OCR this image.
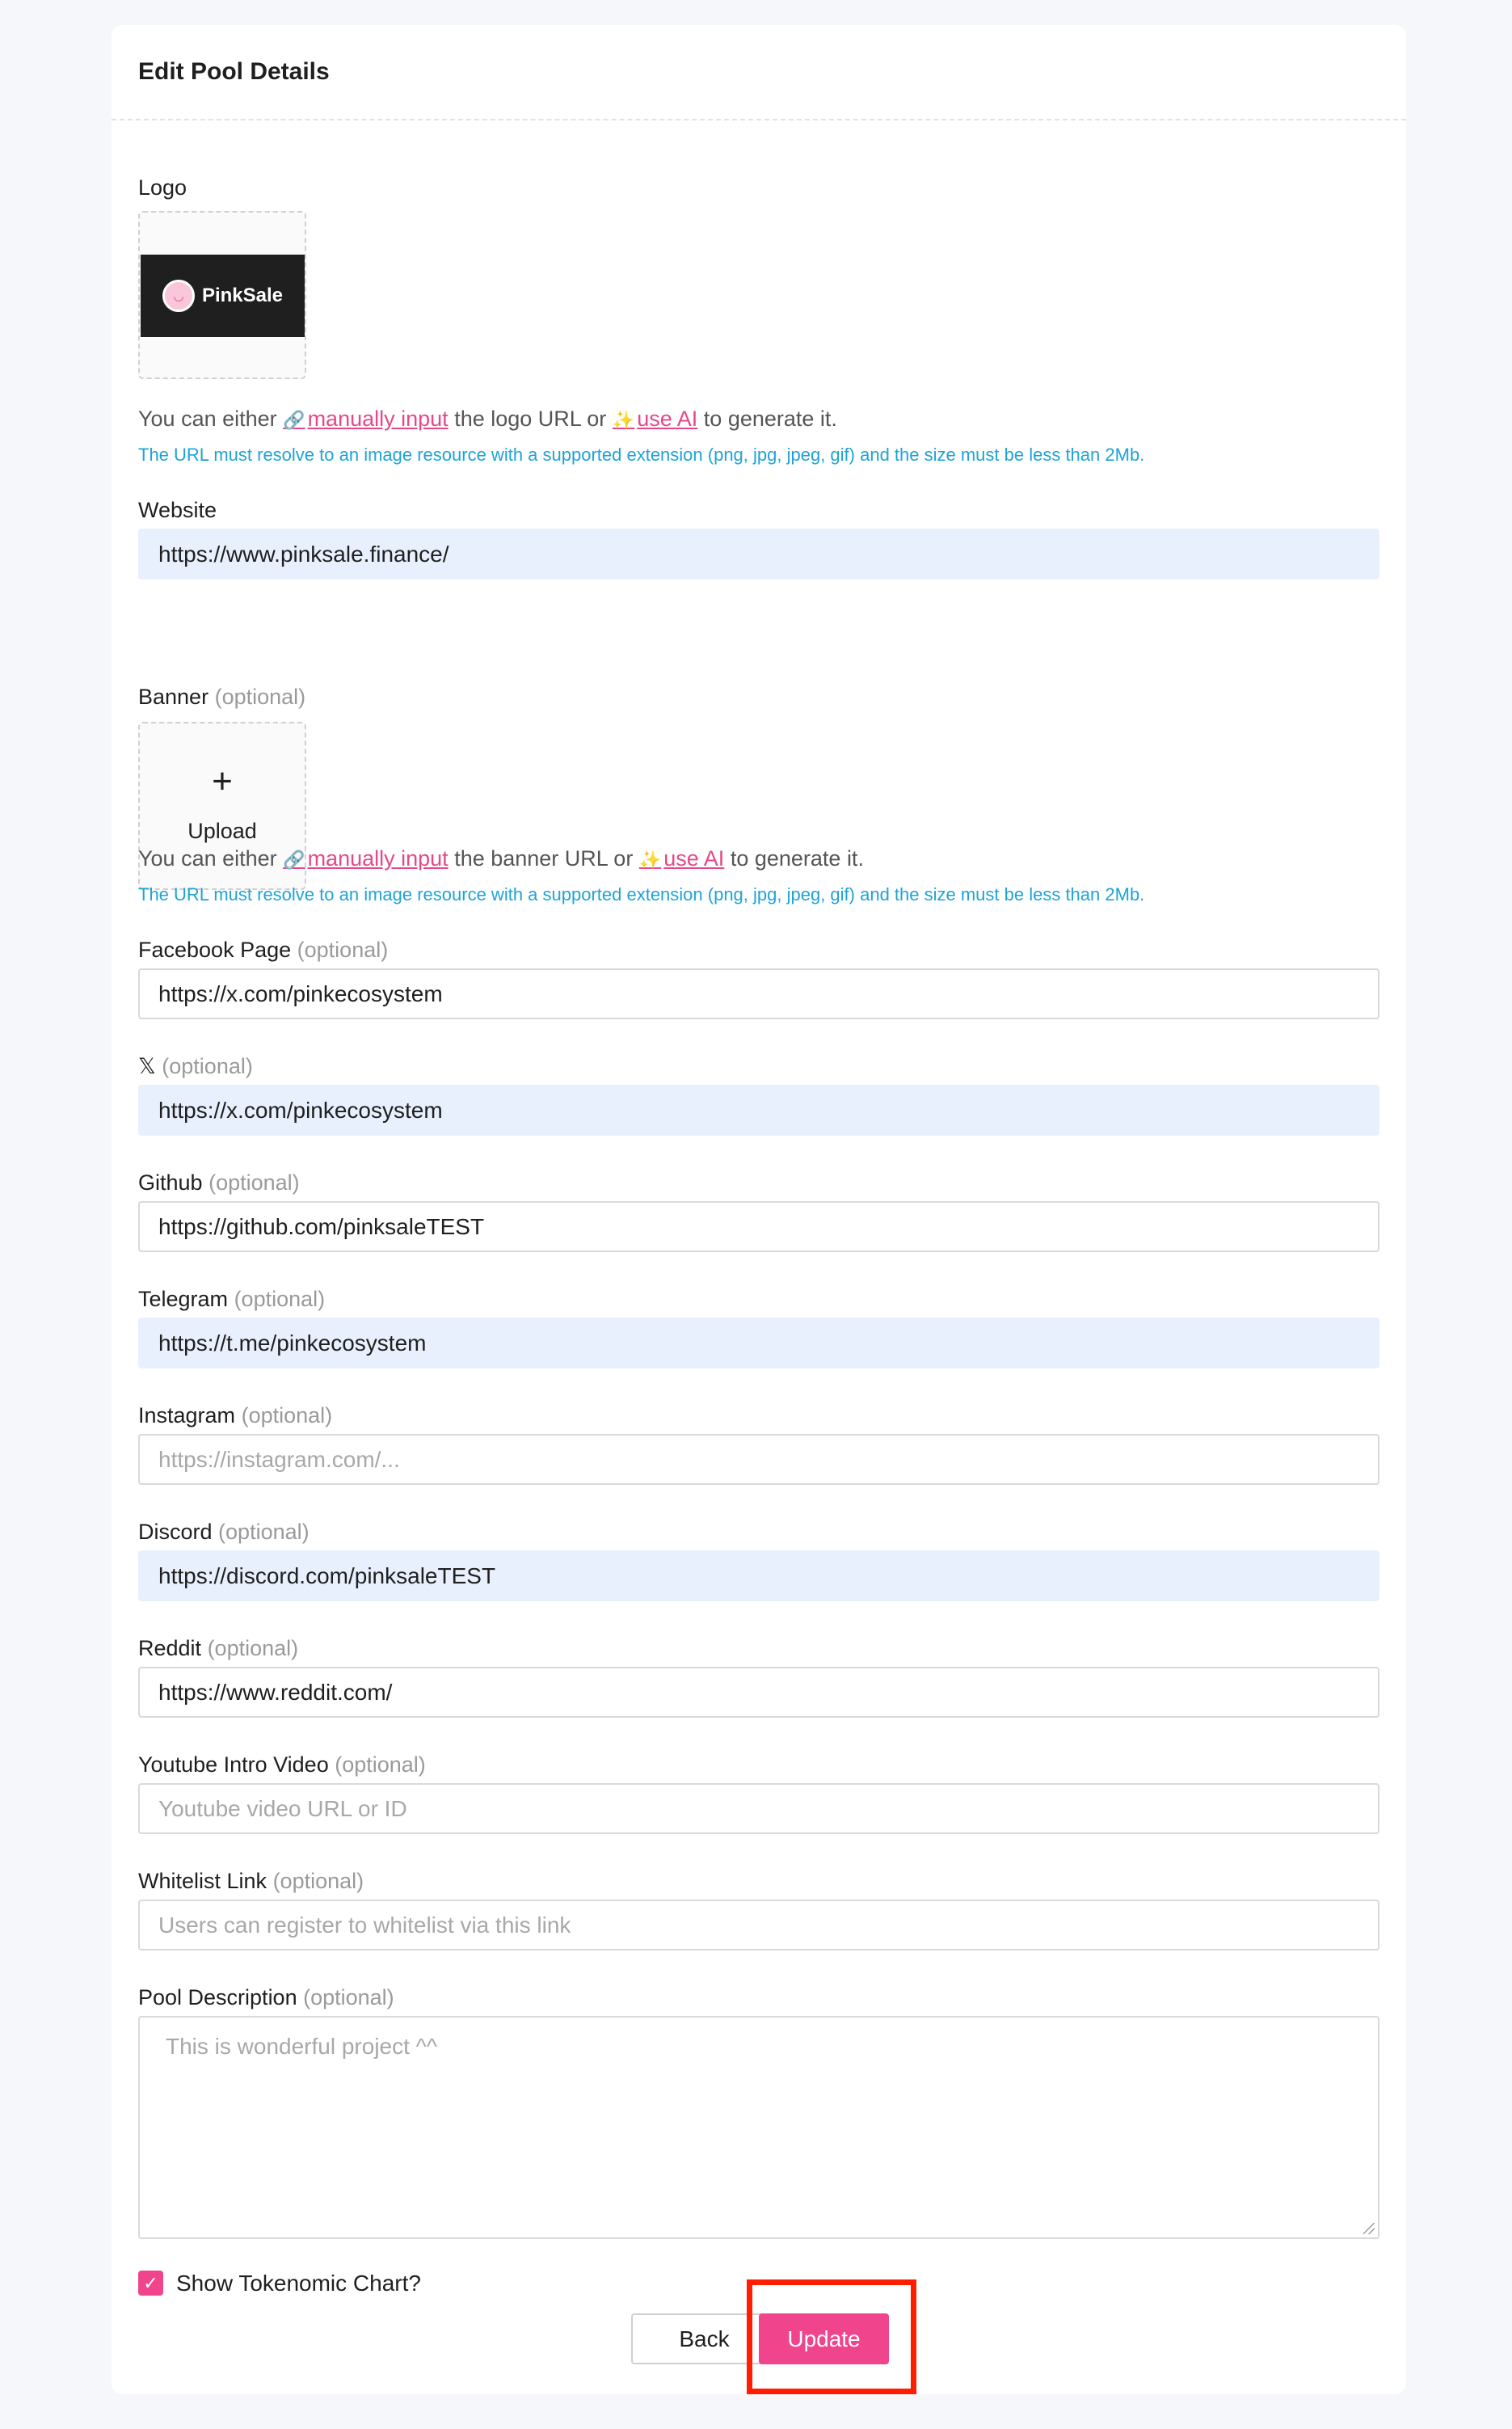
Edit Pool Details
Logo
◡ PinkSale
You can either 🔗 manually input the logo URL or ✨ use AI to generate it.
The URL must resolve to an image resource with a supported extension (png, jpg, jpeg, gif) and the size must be less than 2Mb.
Website
https://www.pinksale.finance/
Banner (optional)
+
Upload
You can either 🔗 manually input the banner URL or ✨ use AI to generate it.
The URL must resolve to an image resource with a supported extension (png, jpg, jpeg, gif) and the size must be less than 2Mb.
Facebook Page (optional)
https://x.com/pinkecosystem
𝕏 (optional)
https://x.com/pinkecosystem
Github (optional)
https://github.com/pinksaleTEST
Telegram (optional)
https://t.me/pinkecosystem
Instagram (optional)
https://instagram.com/...
Discord (optional)
https://discord.com/pinksaleTEST
Reddit (optional)
https://www.reddit.com/
Youtube Intro Video (optional)
Youtube video URL or ID
Whitelist Link (optional)
Users can register to whitelist via this link
Pool Description (optional)
This is wonderful project ^^
✓ Show Tokenomic Chart?
Back	Update
